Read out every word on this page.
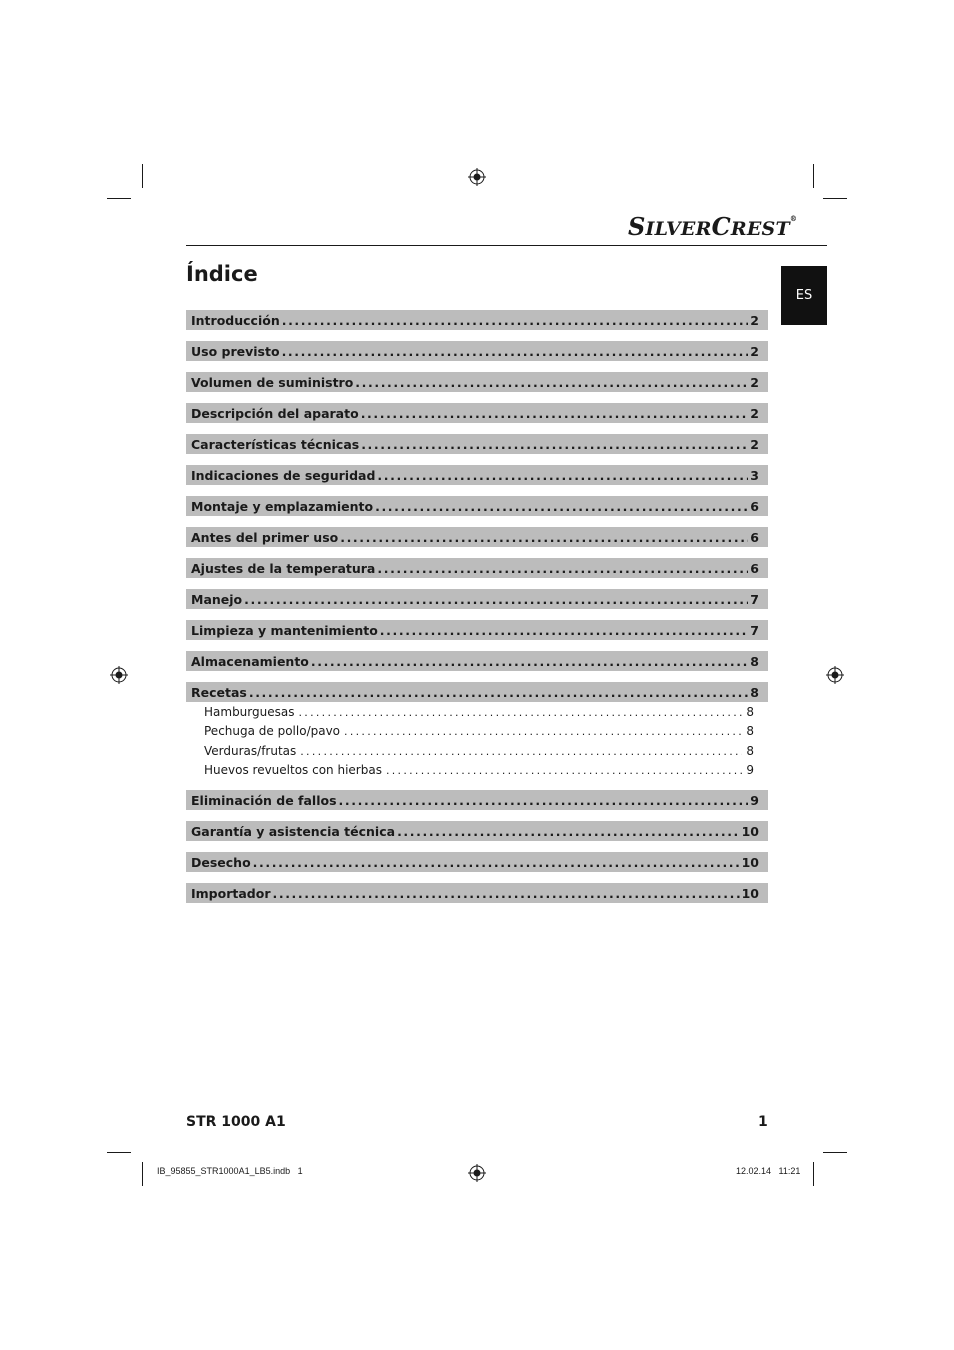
SILVERCREST®
Índice
ES
Introducción .....	2
Uso previsto .....	2
Volumen de suministro .....	2
Descripción del aparato .....	2
Características técnicas .....	2
Indicaciones de seguridad .....	3
Montaje y emplazamiento .....	6
Antes del primer uso .....	6
Ajustes de la temperatura .....	6
Manejo .....	7
Limpieza y mantenimiento .....	7
Almacenamiento .....	8
Recetas .....	8
Hamburguesas .....	8
Pechuga de pollo/pavo .....	8
Verduras/frutas .....	8
Huevos revueltos con hierbas .....	9
Eliminación de fallos .....	9
Garantía y asistencia técnica .....	10
Desecho .....	10
Importador .....	10
STR 1000 A1	1
IB_95855_STR1000A1_LB5.indb   1	12.02.14   11:21
